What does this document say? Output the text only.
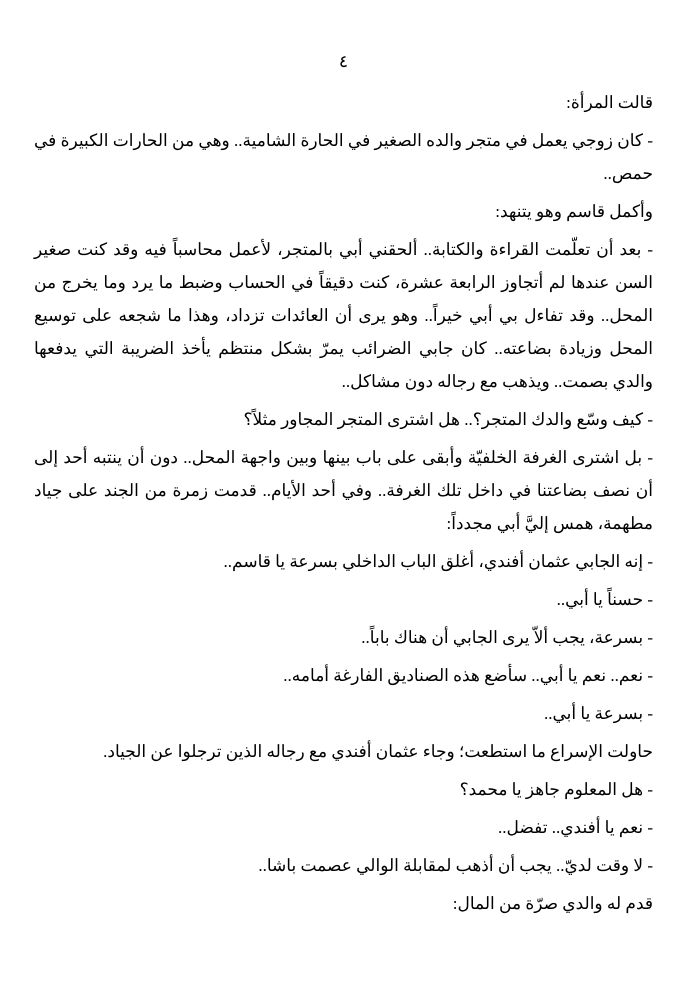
٤

قالت المرأة:

- كان زوجي يعمل في متجر والده الصغير في الحارة الشامية.. وهي من الحارات الكبيرة في حمص..

وأكمل قاسم وهو يتنهد:

- بعد أن تعلّمت القراءة والكتابة.. ألحقني أبي بالمتجر، لأعمل محاسباً فيه وقد كنت صغير السن عندها لم أتجاوز الرابعة عشرة، كنت دقيقاً في الحساب وضبط ما يرد وما يخرج من المحل.. وقد تفاءل بي أبي خيراً.. وهو يرى أن العائدات تزداد، وهذا ما شجعه على توسيع المحل وزيادة بضاعته.. كان جابي الضرائب يمرّ بشكل منتظم يأخذ الضريبة التي يدفعها والدي بصمت.. ويذهب مع رجاله دون مشاكل..

- كيف وسّع والدك المتجر؟.. هل اشترى المتجر المجاور مثلاً؟

- بل اشترى الغرفة الخلفيّة وأبقى على باب بينها وبين واجهة المحل.. دون أن ينتبه أحد إلى أن نصف بضاعتنا في داخل تلك الغرفة.. وفي أحد الأيام.. قدمت زمرة من الجند على جياد مطهمة، همس إليَّ أبي مجدداً:

- إنه الجابي عثمان أفندي، أغلق الباب الداخلي بسرعة يا قاسم..

- حسناً يا أبي..

- بسرعة، يجب ألاّ يرى الجابي أن هناك باباً..

- نعم.. نعم يا أبي.. سأضع هذه الصناديق الفارغة أمامه..

- بسرعة يا أبي..

حاولت الإسراع ما استطعت؛ وجاء عثمان أفندي مع رجاله الذين ترجلوا عن الجياد.

- هل المعلوم جاهز يا محمد؟

- نعم يا أفندي.. تفضل..

- لا وقت لديّ.. يجب أن أذهب لمقابلة الوالي عصمت باشا..

قدم له والدي صرّة من المال:
